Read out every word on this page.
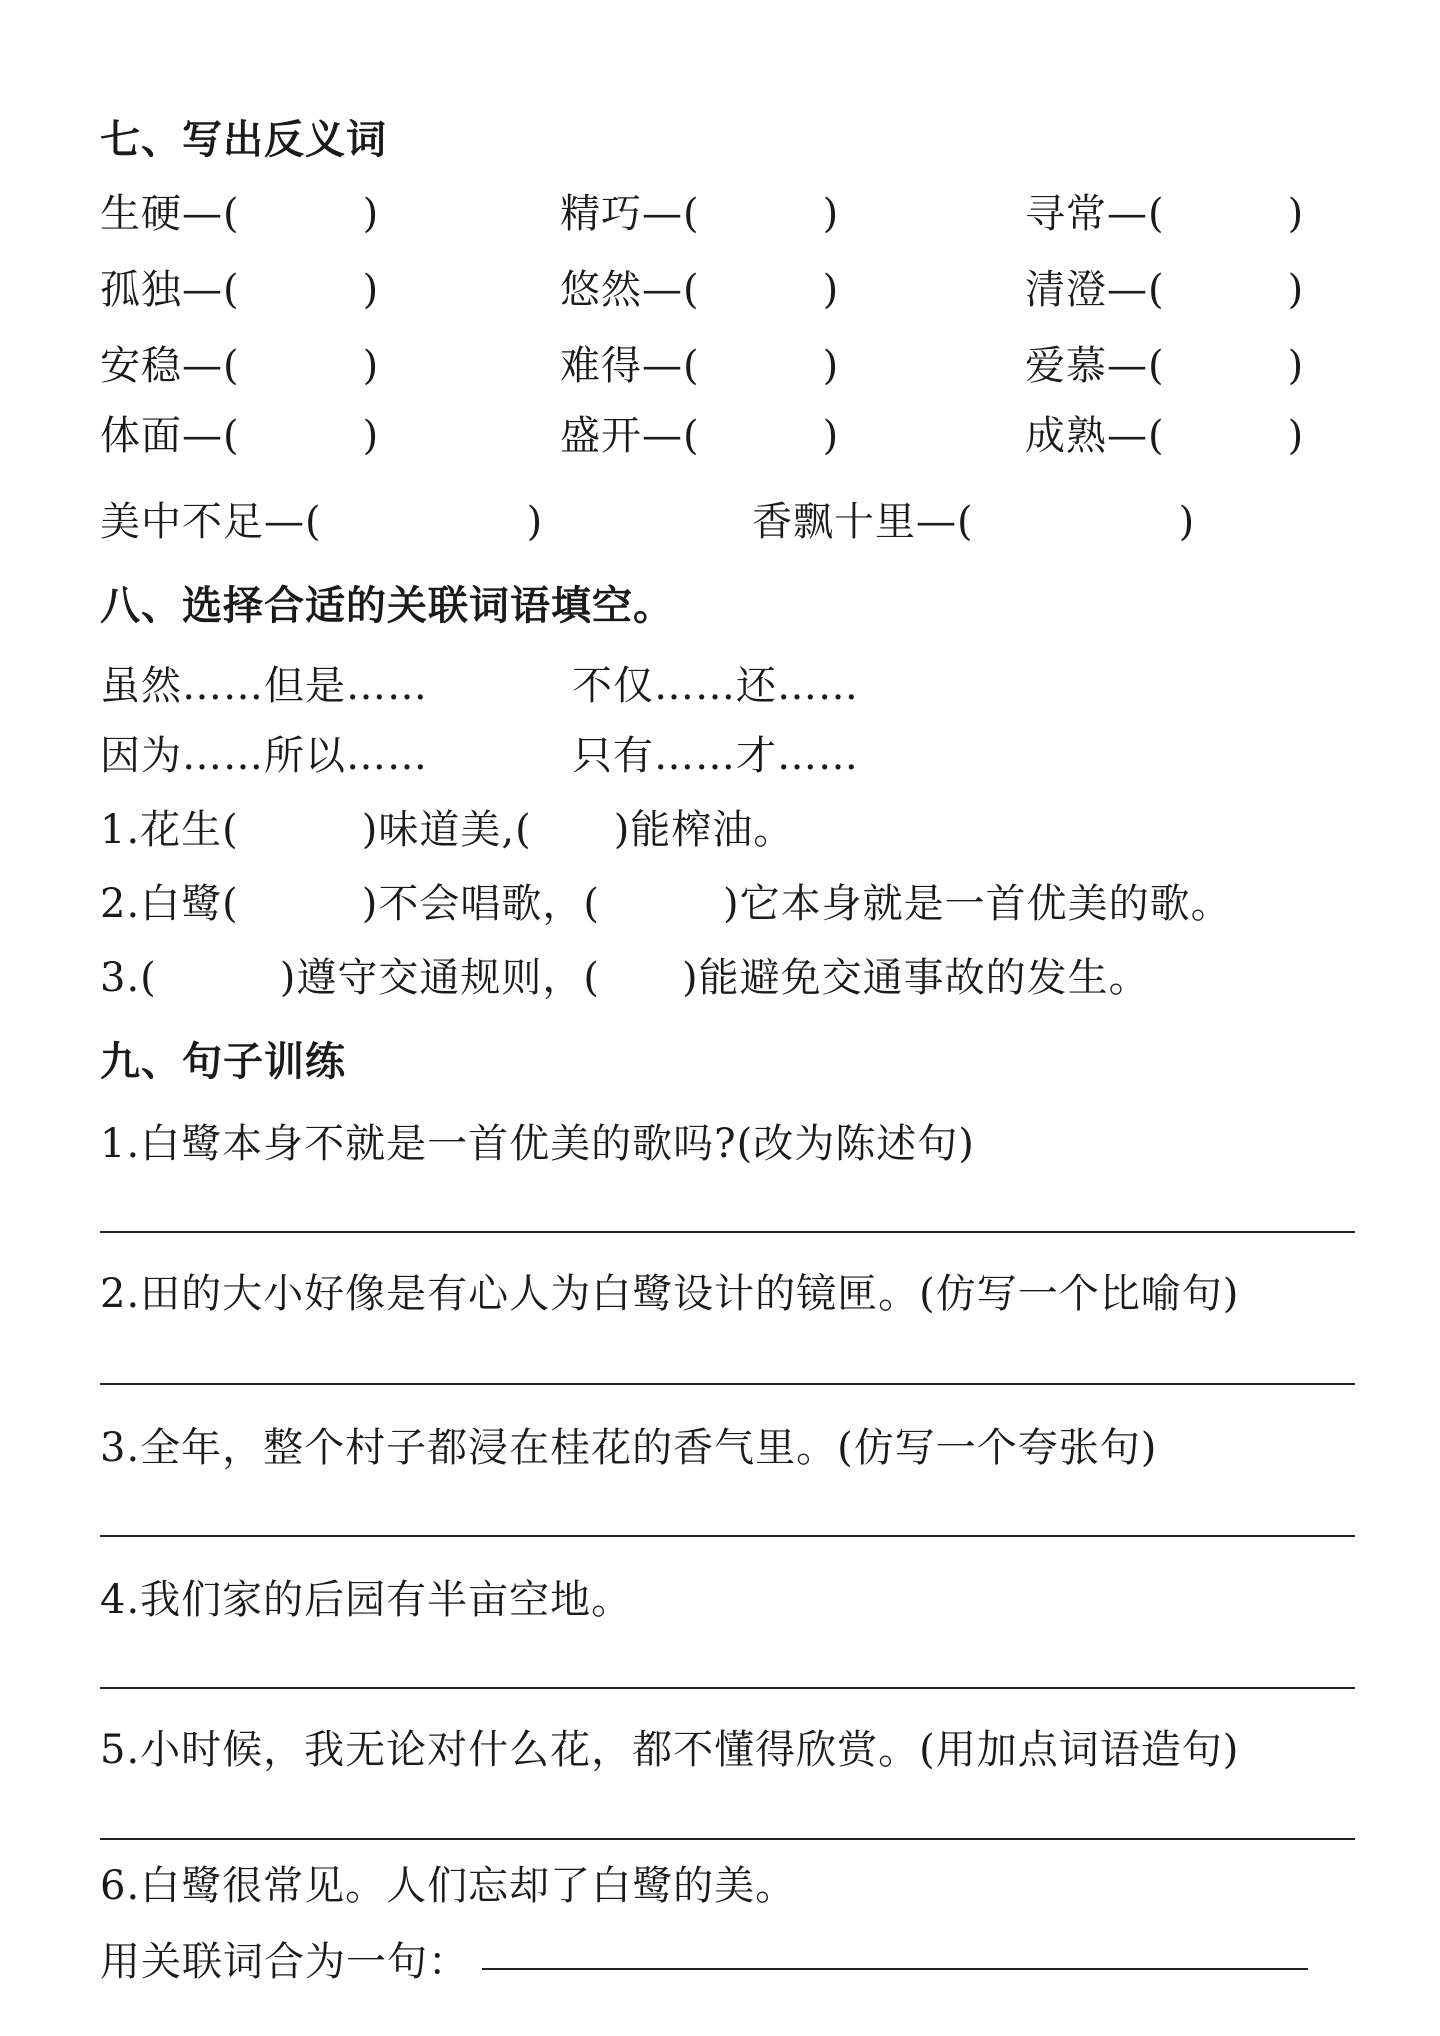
七、写出反义词
生硬—(　　　)	精巧—(　　　)	寻常—(　　　)
孤独—(　　　)	悠然—(　　　)	清澄—(　　　)
安稳—(　　　)	难得—(　　　)	爱慕—(　　　)
体面—(　　　)	盛开—(　　　)	成熟—(　　　)
美中不足—(　　　　　)	香飘十里—(　　　　　)
八、选择合适的关联词语填空。
虽然……但是……	不仅……还……
因为……所以……	只有……才……
1.花生(　　　)味道美,(　　)能榨油。
2.白鹭(　　　)不会唱歌，(　　　)它本身就是一首优美的歌。
3.(　　　)遵守交通规则，(　　)能避免交通事故的发生。
九、句子训练
1.白鹭本身不就是一首优美的歌吗?(改为陈述句)
2.田的大小好像是有心人为白鹭设计的镜匣。(仿写一个比喻句)
3.全年，整个村子都浸在桂花的香气里。(仿写一个夸张句)
4.我们家的后园有半亩空地。
5.小时候，我无论对什么花，都不懂得欣赏。(用加点词语造句)
6.白鹭很常见。人们忘却了白鹭的美。
用关联词合为一句：
